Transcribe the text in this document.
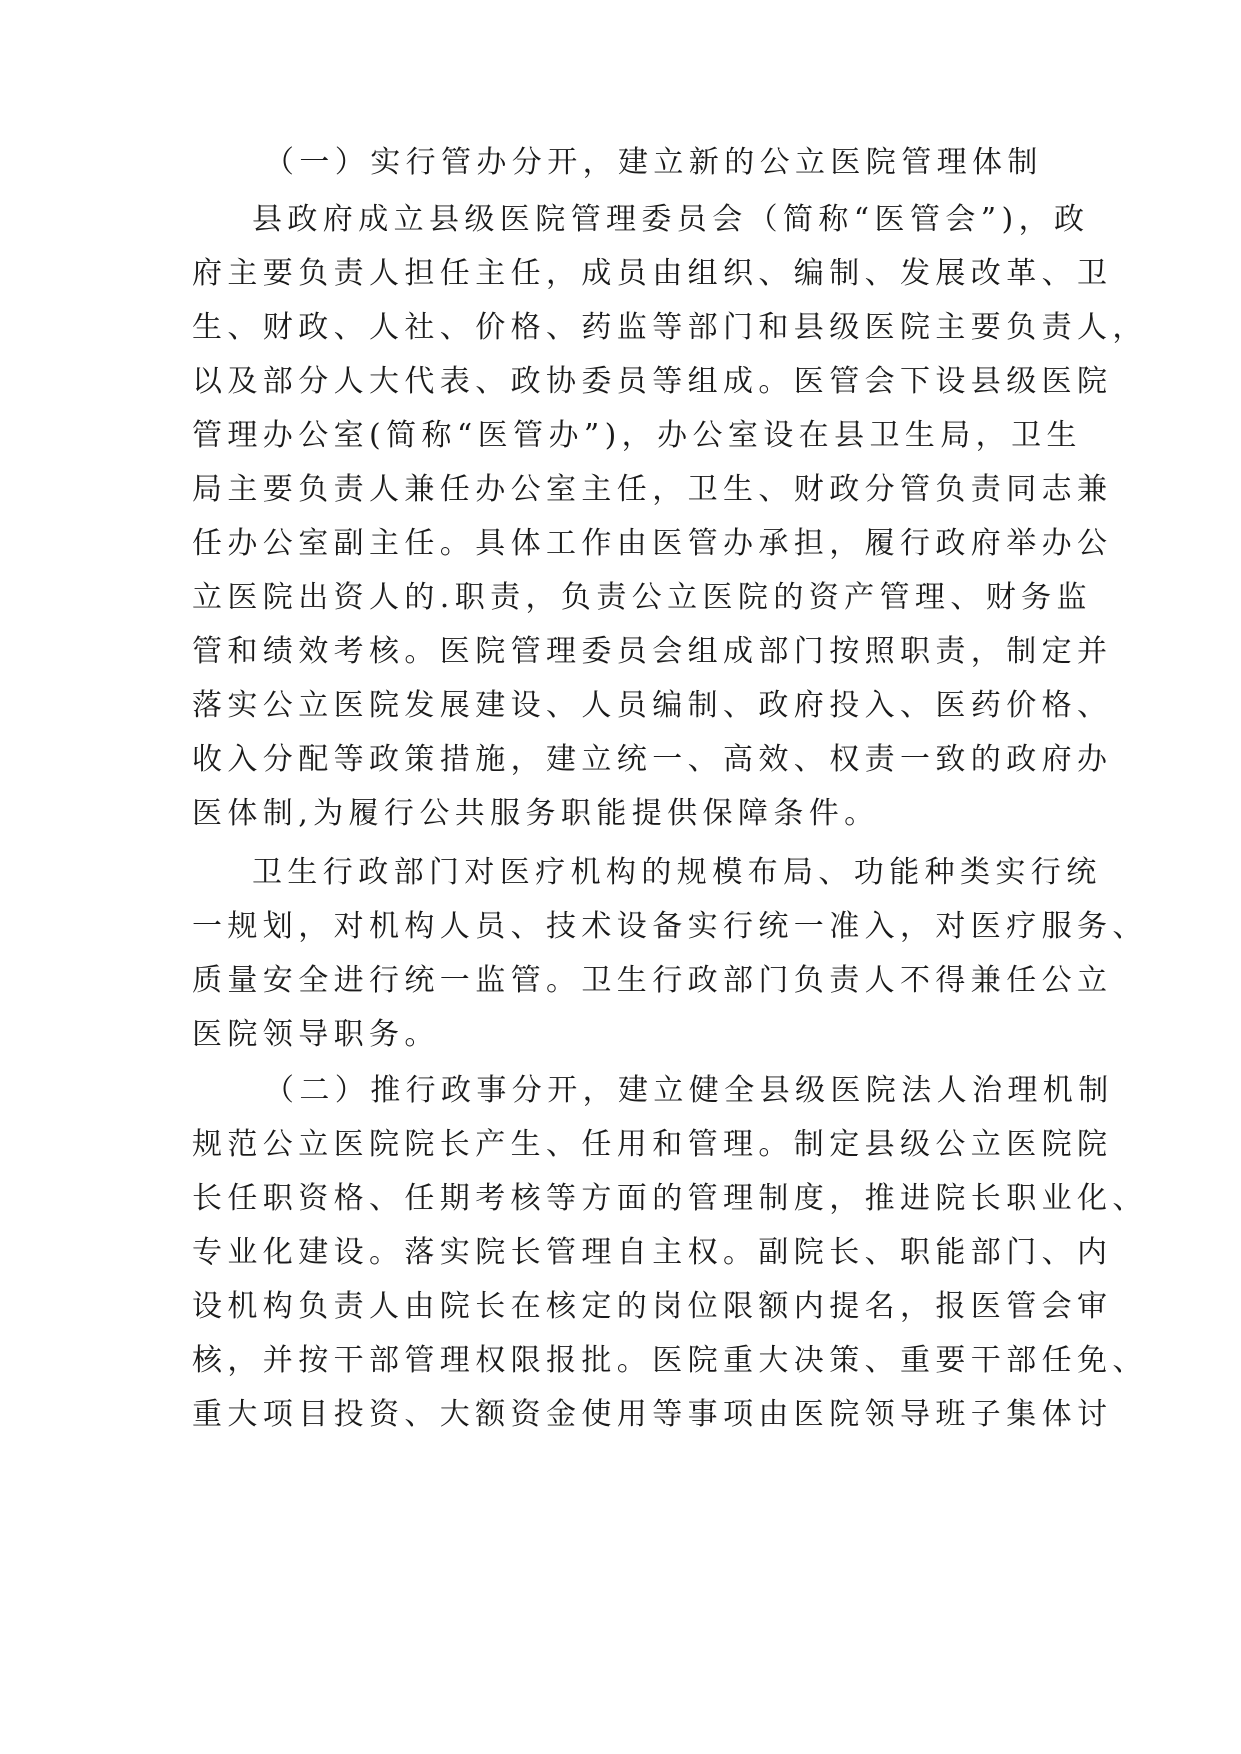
（一）实行管办分开，建立新的公立医院管理体制
县政府成立县级医院管理委员会（简称“医管会”)，政
府主要负责人担任主任，成员由组织、编制、发展改革、卫
生、财政、人社、价格、药监等部门和县级医院主要负责人，
以及部分人大代表、政协委员等组成。医管会下设县级医院
管理办公室(简称“医管办”)，办公室设在县卫生局，卫生
局主要负责人兼任办公室主任，卫生、财政分管负责同志兼
任办公室副主任。具体工作由医管办承担，履行政府举办公
立医院出资人的.职责，负责公立医院的资产管理、财务监
管和绩效考核。医院管理委员会组成部门按照职责，制定并
落实公立医院发展建设、人员编制、政府投入、医药价格、
收入分配等政策措施，建立统一、高效、权责一致的政府办
医体制,为履行公共服务职能提供保障条件。
卫生行政部门对医疗机构的规模布局、功能种类实行统
一规划，对机构人员、技术设备实行统一准入，对医疗服务、
质量安全进行统一监管。卫生行政部门负责人不得兼任公立
医院领导职务。
（二）推行政事分开，建立健全县级医院法人治理机制
规范公立医院院长产生、任用和管理。制定县级公立医院院
长任职资格、任期考核等方面的管理制度，推进院长职业化、
专业化建设。落实院长管理自主权。副院长、职能部门、内
设机构负责人由院长在核定的岗位限额内提名，报医管会审
核，并按干部管理权限报批。医院重大决策、重要干部任免、
重大项目投资、大额资金使用等事项由医院领导班子集体讨
